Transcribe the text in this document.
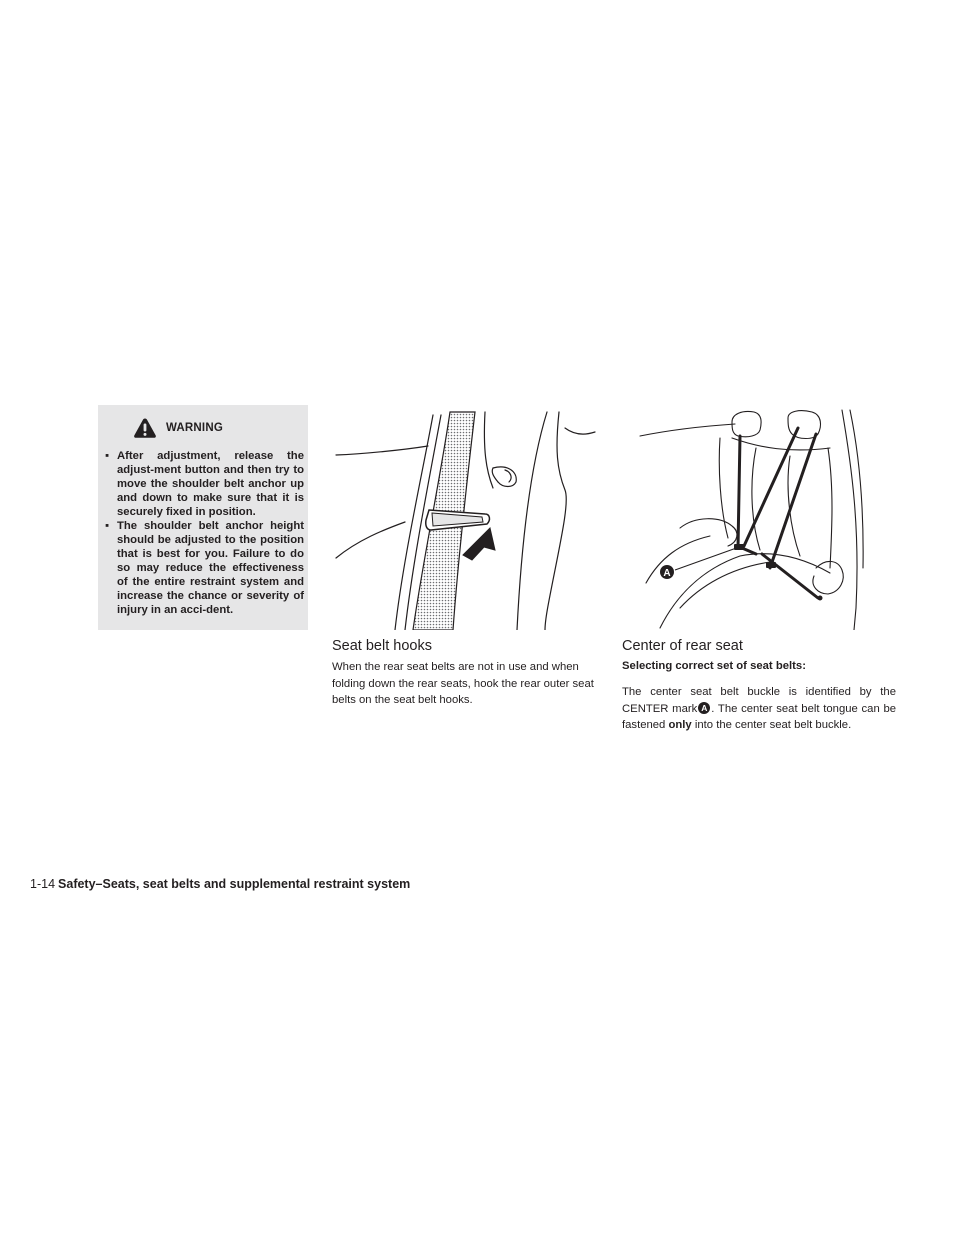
WARNING
▪ After adjustment, release the adjust-ment button and then try to move the shoulder belt anchor up and down to make sure that it is securely fixed in position.
▪ The shoulder belt anchor height should be adjusted to the position that is best for you. Failure to do so may reduce the effectiveness of the entire restraint system and increase the chance or severity of injury in an acci-dent.
A
Seat belt hooks
When the rear seat belts are not in use and when folding down the rear seats, hook the rear outer seat belts on the seat belt hooks.
Center of rear seat
Selecting correct set of seat belts:
The center seat belt buckle is identified by the CENTER mark A . The center seat belt tongue can be fastened only into the center seat belt buckle.
1-14 Safety–Seats, seat belts and supplemental restraint system
